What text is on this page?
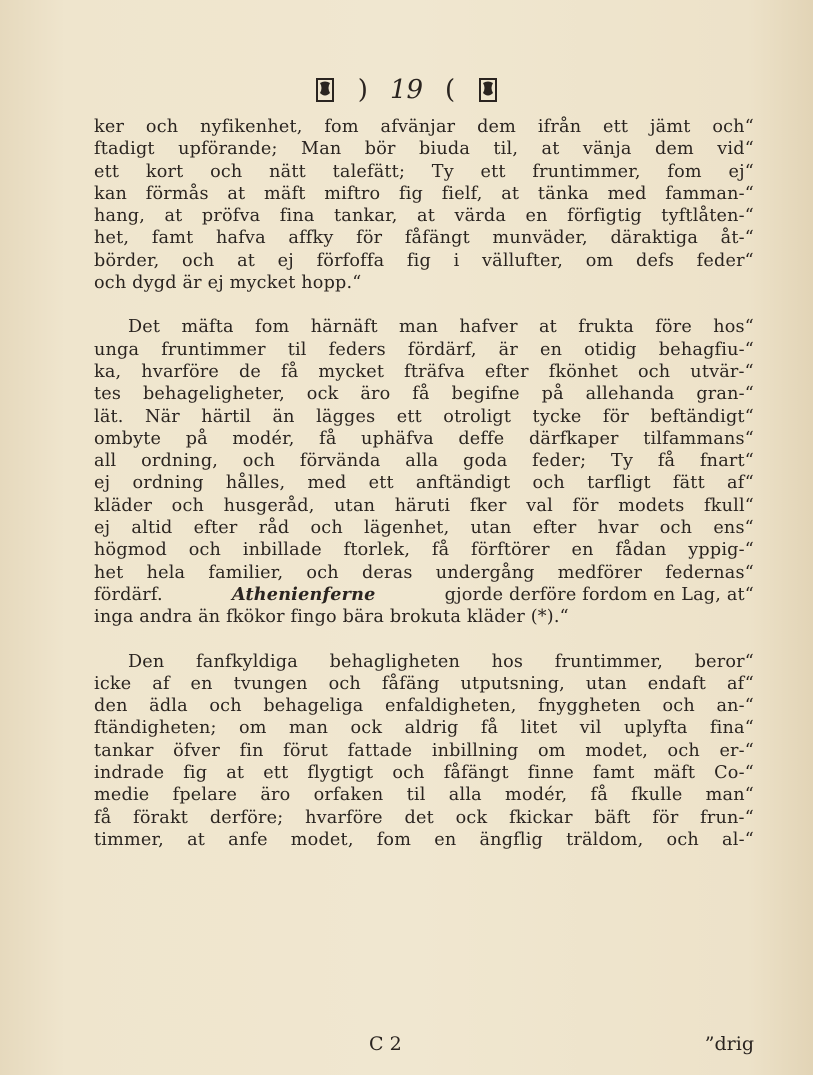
) 19 (
ker och nyfikenhet, fom afvänjar dem ifrån ett jämt och“
ftadigt upförande; Man bör biuda til, at vänja dem vid“
ett kort och nätt talefätt; Ty ett fruntimmer, fom ej“
kan förmås at mäft miftro fig fielf, at tänka med famman-“
hang, at pröfva fina tankar, at värda en förfigtig tyftlåten-“
het, famt hafva affky för fåfängt munväder, däraktiga åt-“
börder, och at ej förfoffa fig i vällufter, om defs feder“
och dygd är ej mycket hopp.“
Det mäfta fom härnäft man hafver at frukta före hos“
unga fruntimmer til feders fördärf, är en otidig behagfiu-“
ka, hvarföre de få mycket fträfva efter fkönhet och utvär-“
tes behageligheter, ock äro få begifne på allehanda gran-“
lät. När härtil än lägges ett otroligt tycke för beftändigt“
ombyte på modér, få uphäfva deffe därfkaper tilfammans“
all ordning, och förvända alla goda feder; Ty få fnart“
ej ordning hålles, med ett anftändigt och tarfligt fätt af“
kläder och husgeråd, utan häruti fker val för modets fkull“
ej altid efter råd och lägenhet, utan efter hvar och ens“
högmod och inbillade ftorlek, få förftörer en fådan yppig-“
het hela familier, och deras undergång medförer federnas“
fördärf.	Athenienferne	gjorde derföre fordom en Lag, at“
inga andra än fkökor fingo bära brokuta kläder (*).“
Den fanfkyldiga behagligheten hos fruntimmer, beror“
icke af en tvungen och fåfäng utputsning, utan endaft af“
den ädla och behageliga enfaldigheten, fnyggheten och an-“
ftändigheten; om man ock aldrig få litet vil uplyfta fina“
tankar öfver fin förut fattade inbillning om modet, och er-“
indrade fig at ett flygtigt och fåfängt finne famt mäft Co-“
medie fpelare äro orfaken til alla modér, få fkulle man“
få förakt derföre; hvarföre det ock fkickar bäft för frun-“
timmer, at anfe modet, fom en ängflig träldom, och al-“
C 2	”drig
